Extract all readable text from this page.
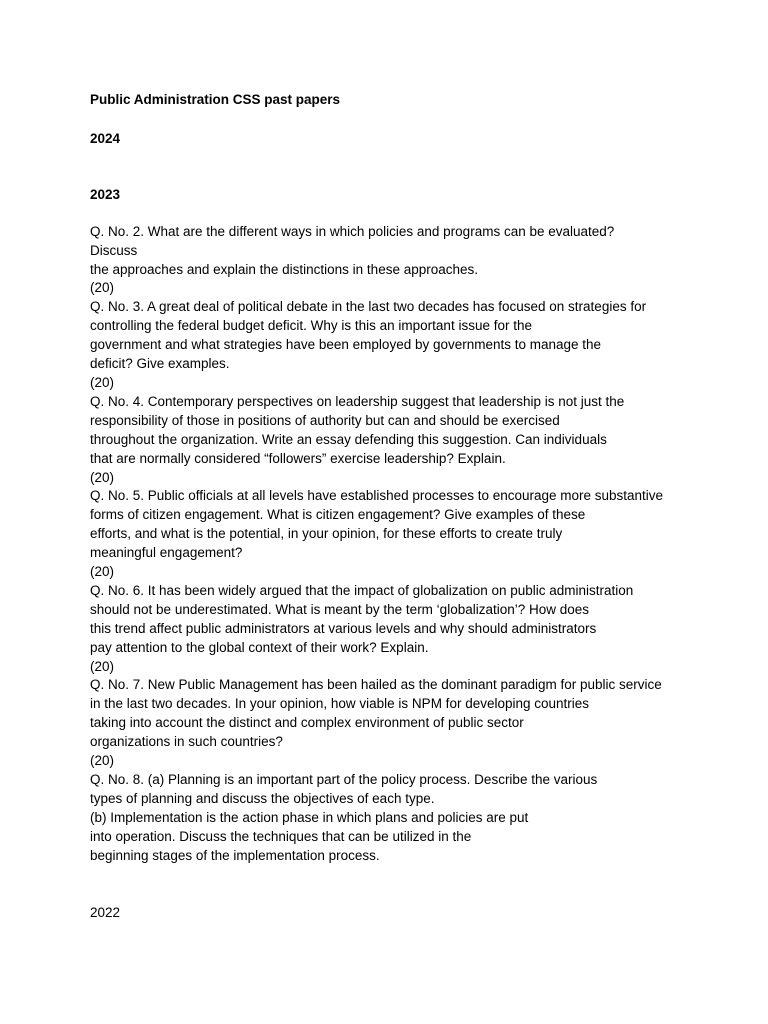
Public Administration CSS past papers

2024

2023

Q. No. 2. What are the different ways in which policies and programs can be evaluated?

Discuss

the approaches and explain the distinctions in these approaches.

(20)

Q. No. 3. A great deal of political debate in the last two decades has focused on strategies for

controlling the federal budget deficit. Why is this an important issue for the

government and what strategies have been employed by governments to manage the

deficit? Give examples.

(20)

Q. No. 4. Contemporary perspectives on leadership suggest that leadership is not just the

responsibility of those in positions of authority but can and should be exercised

throughout the organization. Write an essay defending this suggestion. Can individuals

that are normally considered “followers” exercise leadership? Explain.

(20)

Q. No. 5. Public officials at all levels have established processes to encourage more substantive

forms of citizen engagement. What is citizen engagement? Give examples of these

efforts, and what is the potential, in your opinion, for these efforts to create truly

meaningful engagement?

(20)

Q. No. 6. It has been widely argued that the impact of globalization on public administration

should not be underestimated. What is meant by the term ‘globalization’? How does

this trend affect public administrators at various levels and why should administrators

pay attention to the global context of their work? Explain.

(20)

Q. No. 7. New Public Management has been hailed as the dominant paradigm for public service

in the last two decades. In your opinion, how viable is NPM for developing countries

taking into account the distinct and complex environment of public sector

organizations in such countries?

(20)

Q. No. 8. (a) Planning is an important part of the policy process. Describe the various

types of planning and discuss the objectives of each type.

(b) Implementation is the action phase in which plans and policies are put

into operation. Discuss the techniques that can be utilized in the

beginning stages of the implementation process.

2022
